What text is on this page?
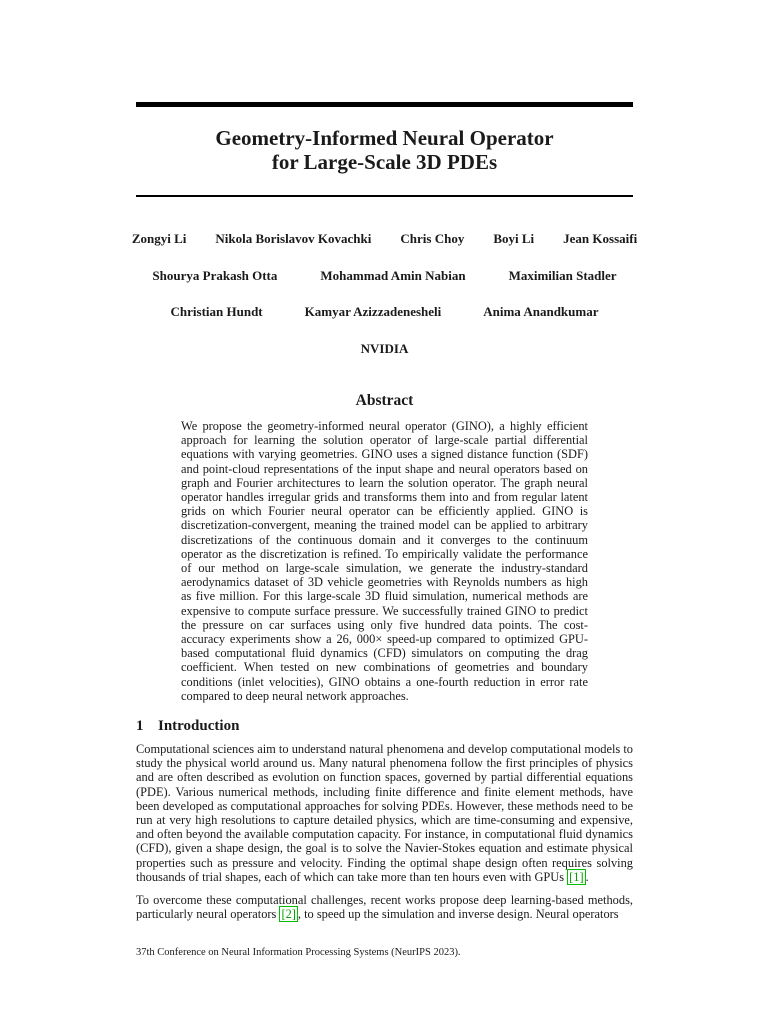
Geometry-Informed Neural Operator
for Large-Scale 3D PDEs
Zongyi Li Nikola Borislavov Kovachki Chris Choy Boyi Li Jean Kossaifi
Shourya Prakash Otta	Mohammad Amin Nabian	Maximilian Stadler
Christian Hundt	Kamyar Azizzadenesheli	Anima Anandkumar
NVIDIA
Abstract
We propose the geometry-informed neural operator (GINO), a highly efficient approach for learning the solution operator of large-scale partial differential equations with varying geometries. GINO uses a signed distance function (SDF) and point-cloud representations of the input shape and neural operators based on graph and Fourier architectures to learn the solution operator. The graph neural operator handles irregular grids and transforms them into and from regular latent grids on which Fourier neural operator can be efficiently applied. GINO is discretization-convergent, meaning the trained model can be applied to arbitrary discretizations of the continuous domain and it converges to the continuum operator as the discretization is refined. To empirically validate the performance of our method on large-scale simulation, we generate the industry-standard aerodynamics dataset of 3D vehicle geometries with Reynolds numbers as high as five million. For this large-scale 3D fluid simulation, numerical methods are expensive to compute surface pressure. We successfully trained GINO to predict the pressure on car surfaces using only five hundred data points. The cost-accuracy experiments show a 26, 000× speed-up compared to optimized GPU-based computational fluid dynamics (CFD) simulators on computing the drag coefficient. When tested on new combinations of geometries and boundary conditions (inlet velocities), GINO obtains a one-fourth reduction in error rate compared to deep neural network approaches.
1 Introduction

Computational sciences aim to understand natural phenomena and develop computational models to study the physical world around us. Many natural phenomena follow the first principles of physics and are often described as evolution on function spaces, governed by partial differential equations (PDE). Various numerical methods, including finite difference and finite element methods, have been developed as computational approaches for solving PDEs. However, these methods need to be run at very high resolutions to capture detailed physics, which are time-consuming and expensive, and often beyond the available computation capacity. For instance, in computational fluid dynamics (CFD), given a shape design, the goal is to solve the Navier-Stokes equation and estimate physical properties such as pressure and velocity. Finding the optimal shape design often requires solving thousands of trial shapes, each of which can take more than ten hours even with GPUs [1] .

To overcome these computational challenges, recent works propose deep learning-based methods, particularly neural operators [2] , to speed up the simulation and inverse design. Neural operators

37th Conference on Neural Information Processing Systems (NeurIPS 2023).
